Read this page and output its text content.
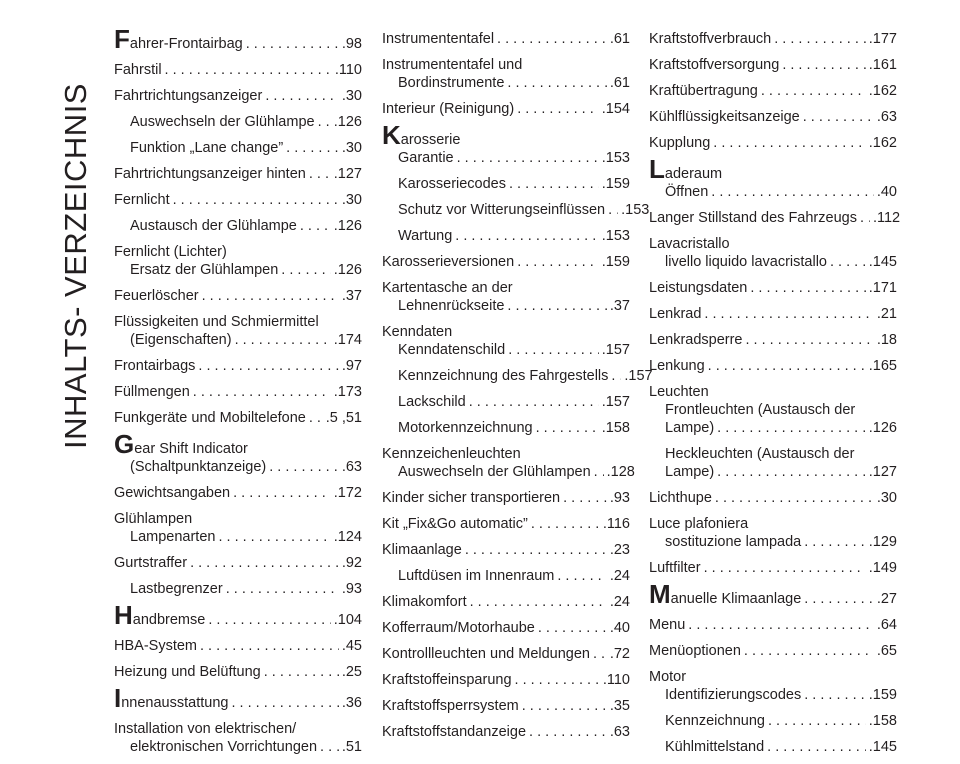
INHALTS- VERZEICHNIS
Fahrer-Frontairbag . . .	.98
Fahrstil . . .	.110
Fahrtrichtungsanzeiger . . .	.30
Auswechseln der Glühlampe . . . .126
Funktion „Lane change” . . .	.30
Fahrtrichtungsanzeiger hinten . . . .127
Fernlicht . . .	.30
Austausch der Glühlampe . . .	.126
Fernlicht (Lichter)
Ersatz der Glühlampen . . .	.126
Feuerlöscher . . .	.37
Flüssigkeiten und Schmiermittel
(Eigenschaften) . . .	.174
Frontairbags . . .	.97
Füllmengen . . .	.173
Funkgeräte und Mobiltelefone . . . .5 ,51
Gear Shift Indicator
(Schaltpunktanzeige) . . .	.63
Gewichtsangaben . . .	.172
Glühlampen
Lampenarten . . .	.124
Gurtstraffer . . .	.92
Lastbegrenzer . . .	.93
Handbremse . . .	.104
HBA-System . . .	.45
Heizung und Belüftung . . .	.25
Innenausstattung . . .	.36
Installation von elektrischen/
elektronischen Vorrichtungen . . . .51
Instrumententafel . . .	.61
Instrumententafel und
Bordinstrumente . . .	.61
Interieur (Reinigung) . . .	.154
Karosserie
Garantie . . .	.153
Karosseriecodes . . .	.159
Schutz vor Witterungseinflüssen . . . .153
Wartung . . .	.153
Karosserieversionen . . .	.159
Kartentasche an der
Lehnenrückseite . . .	.37
Kenndaten
Kenndatenschild . . .	.157
Kennzeichnung des Fahrgestells . . . .157
Lackschild . . .	.157
Motorkennzeichnung . . .	.158
Kennzeichenleuchten
Auswechseln der Glühlampen . . . .128
Kinder sicher transportieren . . .	.93
Kit „Fix&Go automatic” . . .	.116
Klimaanlage . . .	.23
Luftdüsen im Innenraum . . .	.24
Klimakomfort . . .	.24
Kofferraum/Motorhaube . . .	.40
Kontrollleuchten und Meldungen . . . .72
Kraftstoffeinsparung . . .	.110
Kraftstoffsperrsystem . . .	.35
Kraftstoffstandanzeige . . .	.63
Kraftstoffverbrauch . . .	.177
Kraftstoffversorgung . . .	.161
Kraftübertragung . . .	.162
Kühlflüssigkeitsanzeige . . .	.63
Kupplung . . .	.162
Laderaum
Öffnen . . .	.40
Langer Stillstand des Fahrzeugs . . . .112
Lavacristallo
livello liquido lavacristallo . . .	.145
Leistungsdaten . . .	.171
Lenkrad . . .	.21
Lenkradsperre . . .	.18
Lenkung . . .	.165
Leuchten
Frontleuchten (Austausch der
Lampe) . . .	.126
Heckleuchten (Austausch der
Lampe) . . .	.127
Lichthupe . . .	.30
Luce plafoniera
sostituzione lampada . . .	.129
Luftfilter . . .	.149
Manuelle Klimaanlage . . .	.27
Menu . . .	.64
Menüoptionen . . .	.65
Motor
Identifizierungscodes . . .	.159
Kennzeichnung . . .	.158
Kühlmittelstand . . .	.145
